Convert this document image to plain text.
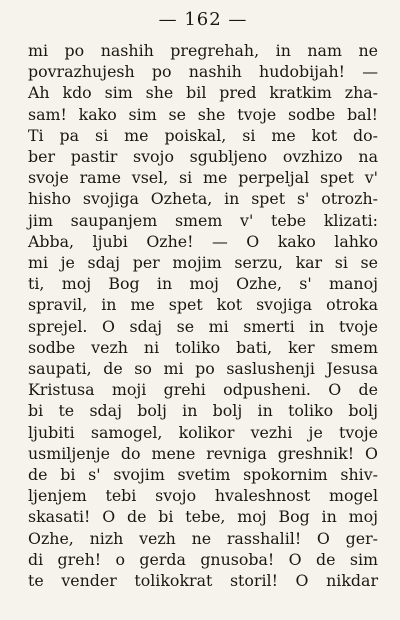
— 162 —
mi po nashih pregrehah, in nam ne
povrazhujesh po nashih hudobijah! —
Ah kdo sim she bil pred kratkim zha-
sam! kako sim se she tvoje sodbe bal!
Ti pa si me poiskal, si me kot do-
ber pastir svojo sgubljeno ovzhizo na
svoje rame vsel, si me perpeljal spet v'
hisho svojiga Ozheta, in spet s' otrozh-
jim saupanjem smem v' tebe klizati:
Abba, ljubi Ozhe! — O kako lahko
mi je sdaj per mojim serzu, kar si se
ti, moj Bog in moj Ozhe, s' manoj
spravil, in me spet kot svojiga otroka
sprejel. O sdaj se mi smerti in tvoje
sodbe vezh ni toliko bati, ker smem
saupati, de so mi po saslushenji Jesusa
Kristusa moji grehi odpusheni. O de
bi te sdaj bolj in bolj in toliko bolj
ljubiti samogel, kolikor vezhi je tvoje
usmiljenje do mene revniga greshnik! O
de bi s' svojim svetim spokornim shiv-
ljenjem tebi svojo hvaleshnost mogel
skasati! O de bi tebe, moj Bog in moj
Ozhe, nizh vezh ne rasshalil! O ger-
di greh! o gerda gnusoba! O de sim
te vender tolikokrat storil! O nikdar
